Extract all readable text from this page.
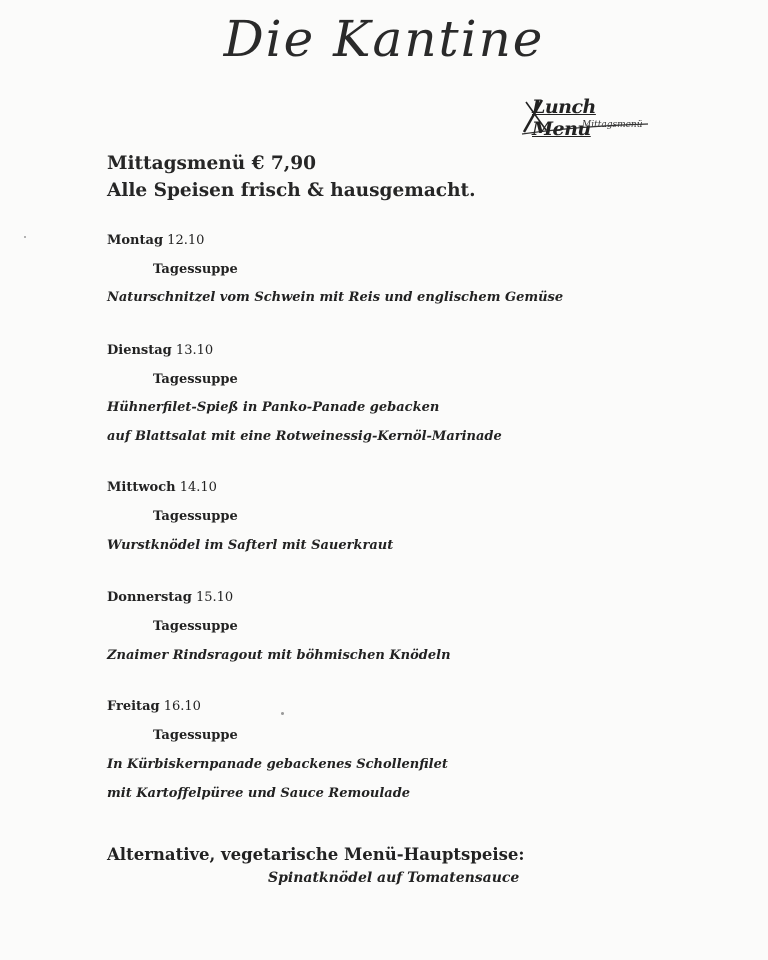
Die Kantine
Lunch Menu
Mittagsmenü
Mittagsmenü € 7,90
Alle Speisen frisch & hausgemacht.
Montag 12.10
Tagessuppe
Naturschnitzel vom Schwein mit Reis und englischem Gemüse
Dienstag 13.10
Tagessuppe
Hühnerfilet-Spieß in Panko-Panade gebacken
auf Blattsalat mit eine Rotweinessig-Kernöl-Marinade
Mittwoch 14.10
Tagessuppe
Wurstknödel im Safterl mit Sauerkraut
Donnerstag 15.10
Tagessuppe
Znaimer Rindsragout mit böhmischen Knödeln
Freitag 16.10
Tagessuppe
In Kürbiskernpanade gebackenes Schollenfilet
mit Kartoffelpüree und Sauce Remoulade
Alternative, vegetarische Menü-Hauptspeise:
Spinatknödel auf Tomatensauce
